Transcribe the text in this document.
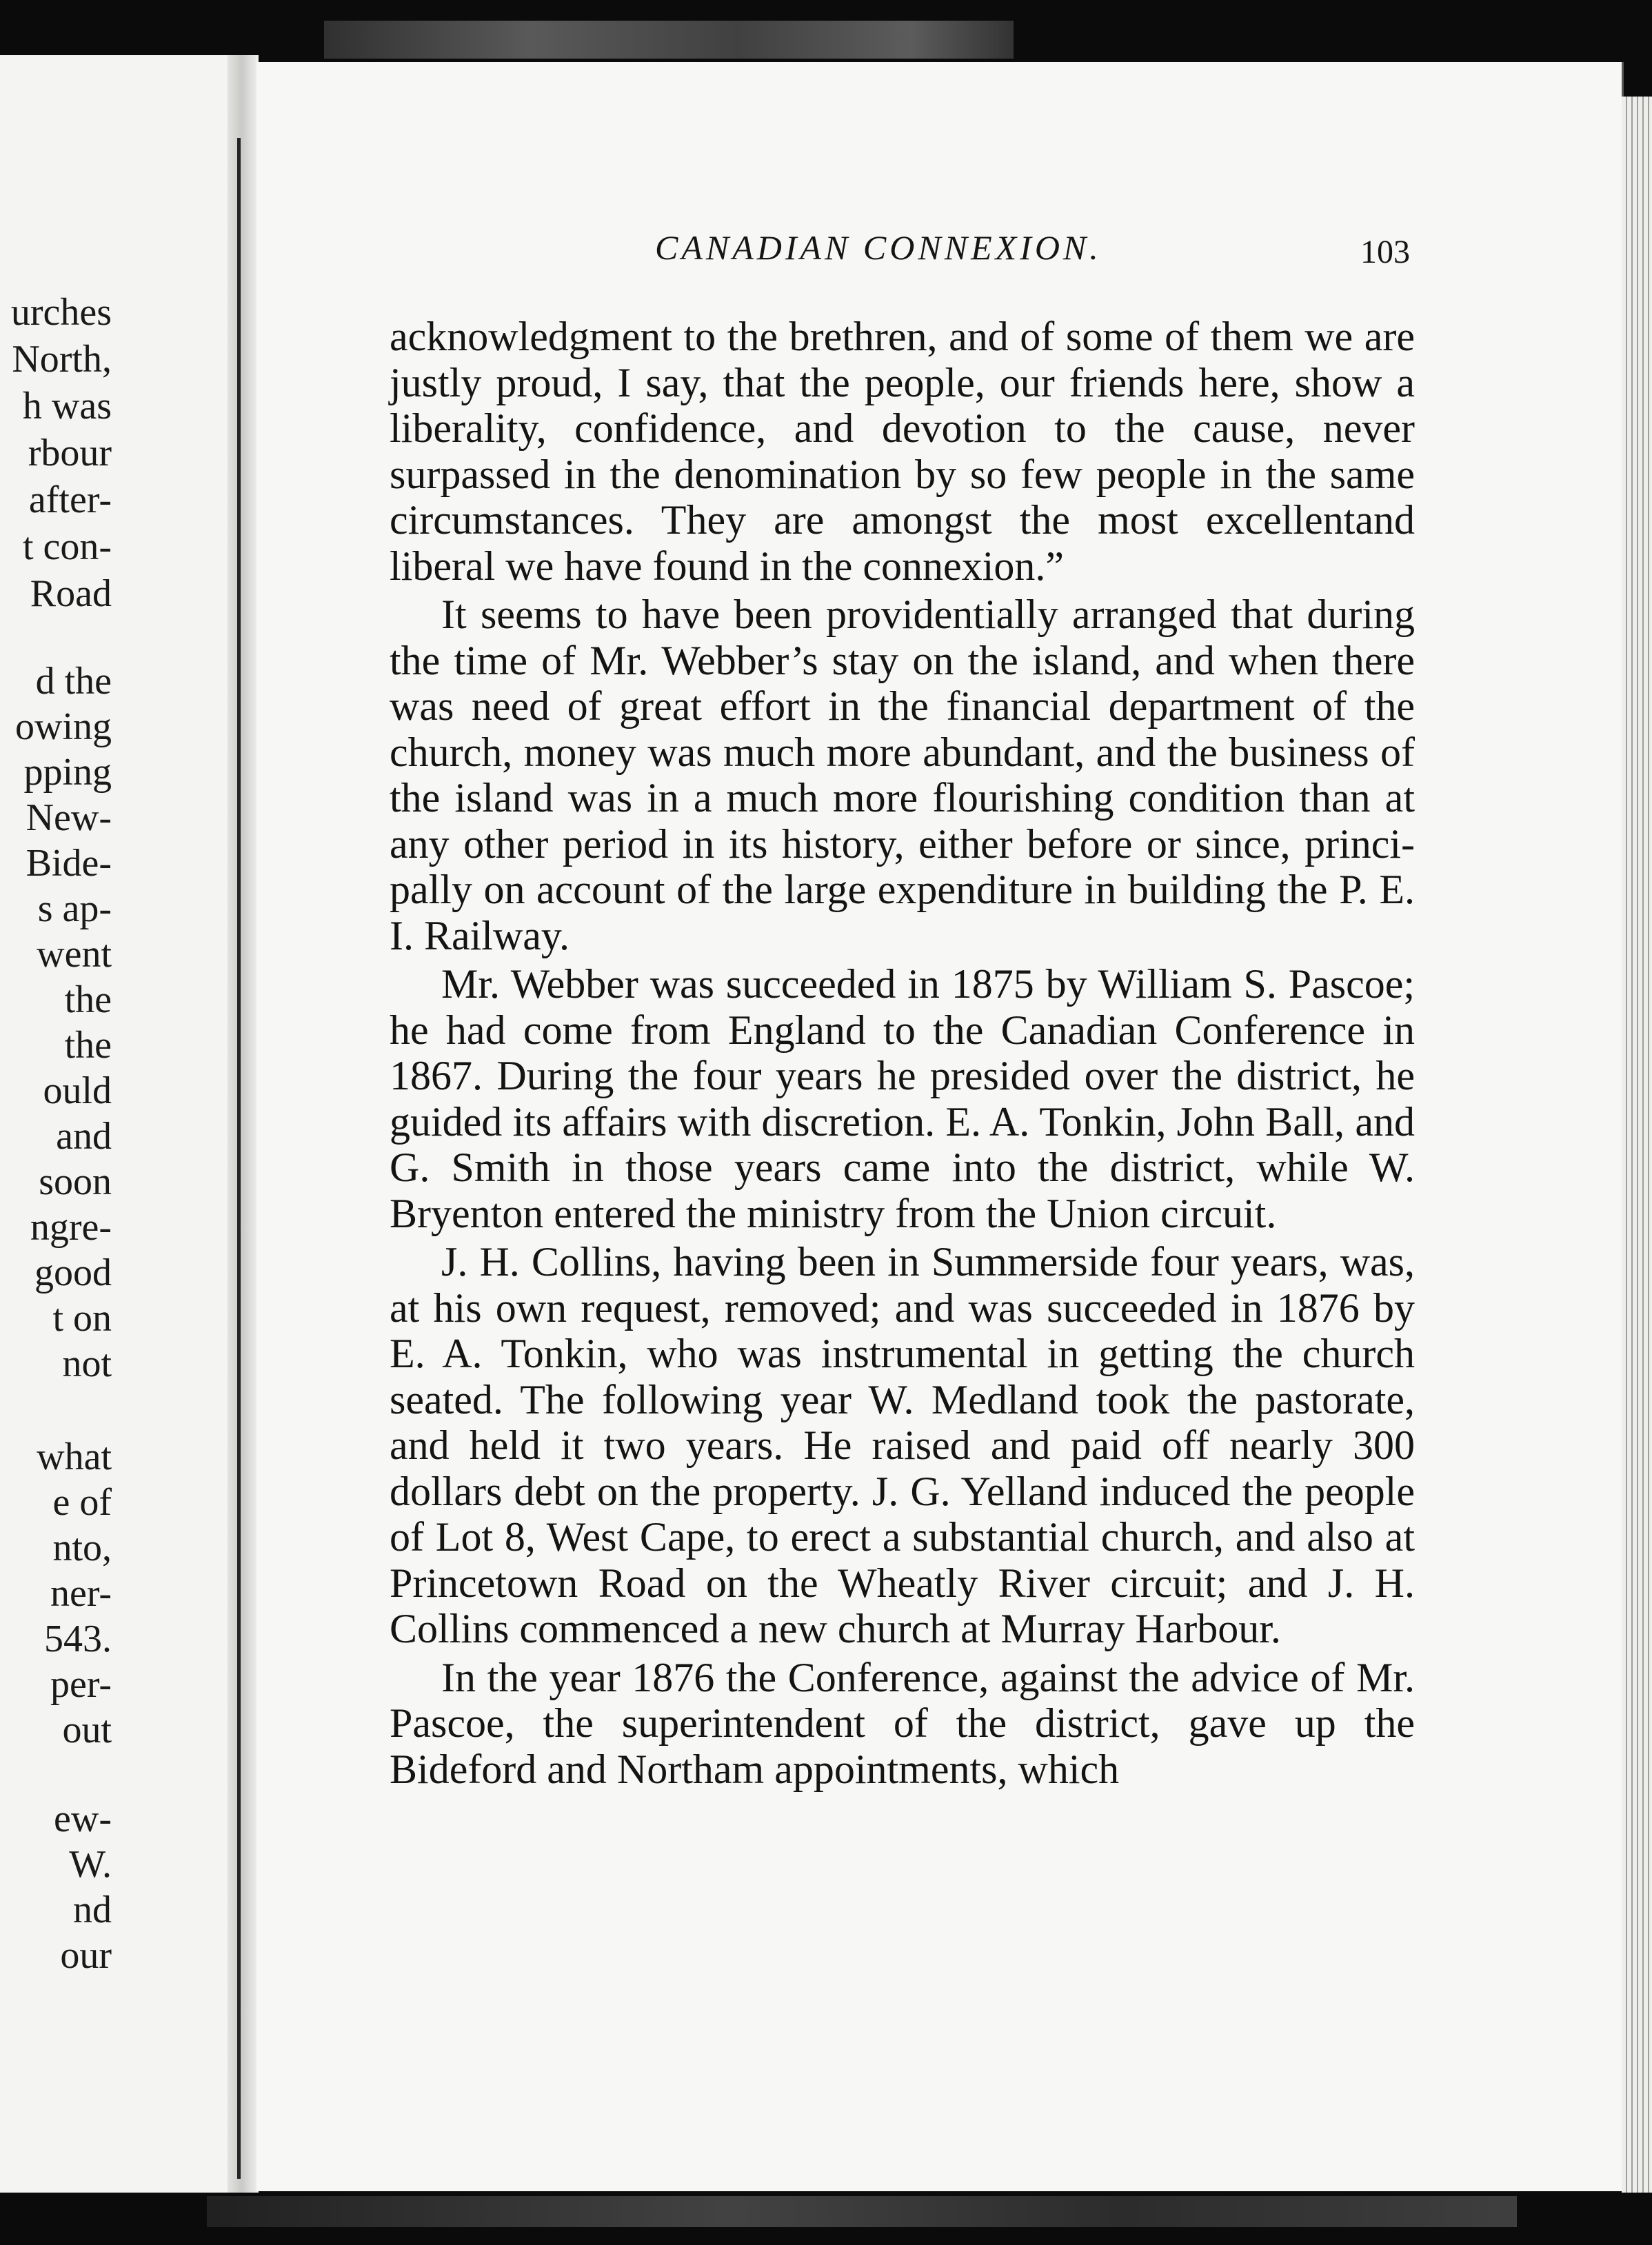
urches
North,
h was
rbour
after-
t con-
Road
d the
owing
pping
New-
Bide-
s ap-
went
the
the
ould
and
soon
ngre-
good
t on
not
what
e of
nto,
ner-
543.
per-
out
ew-
W.
nd
our
CANADIAN CONNEXION.	103

acknowledgment to the brethren, and of some of them we are justly proud, I say, that the people, our friends here, show a liberality, confidence, and devotion to the cause, never surpassed in the denomination by so few people in the same circumstances. They are amongst the most excellentand liberal we have found in the connexion.”

It seems to have been providentially arranged that during the time of Mr. Webber’s stay on the island, and when there was need of great effort in the financial department of the church, money was much more abundant, and the business of the island was in a much more flourishing condition than at any other period in its history, either before or since, principally on account of the large expenditure in building the P. E. I. Railway.

Mr. Webber was succeeded in 1875 by William S. Pascoe; he had come from England to the Canadian Conference in 1867. During the four years he presided over the district, he guided its affairs with discretion. E. A. Tonkin, John Ball, and G. Smith in those years came into the district, while W. Bryenton entered the ministry from the Union circuit.

J. H. Collins, having been in Summerside four years, was, at his own request, removed; and was succeeded in 1876 by E. A. Tonkin, who was instrumental in getting the church seated. The following year W. Medland took the pastorate, and held it two years. He raised and paid off nearly 300 dollars debt on the property. J. G. Yelland induced the people of Lot 8, West Cape, to erect a substantial church, and also at Princetown Road on the Wheatly River circuit; and J. H. Collins commenced a new church at Murray Harbour.

In the year 1876 the Conference, against the advice of Mr. Pascoe, the superintendent of the district, gave up the Bideford and Northam appointments, which
